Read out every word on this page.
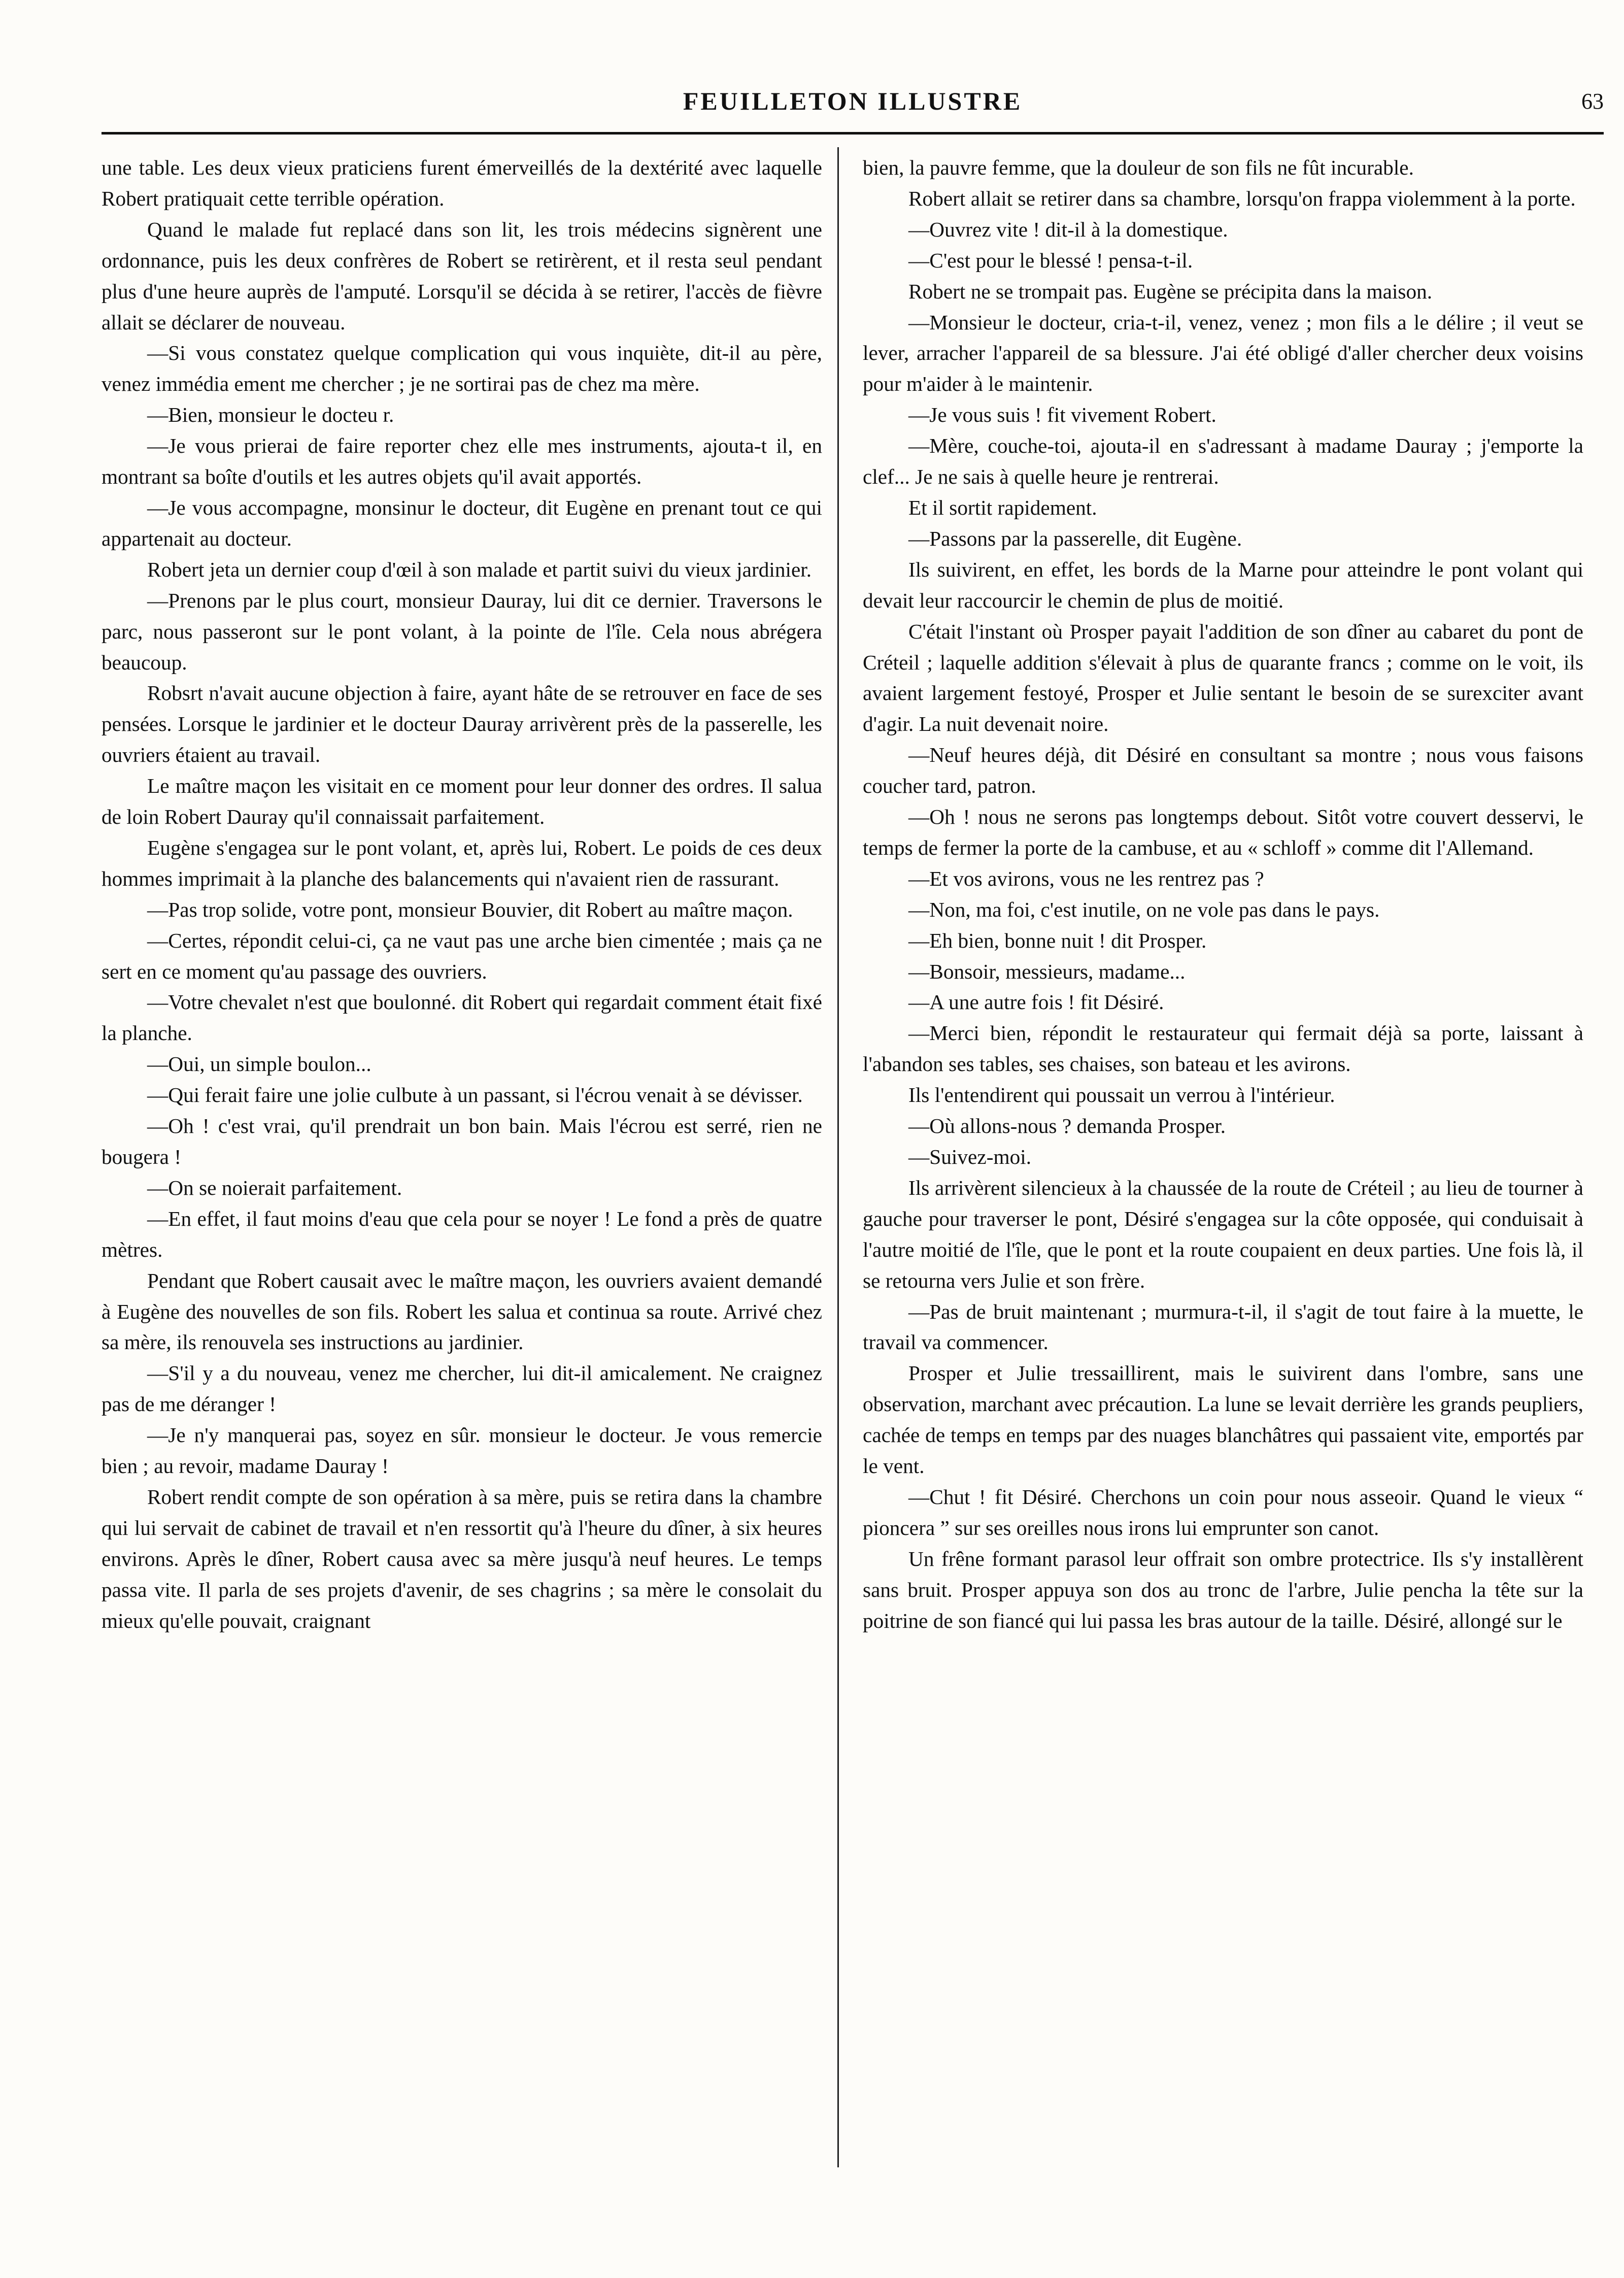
FEUILLETON ILLUSTRE	63

une table. Les deux vieux praticiens furent émerveillés de la dextérité avec laquelle Robert pratiquait cette terrible opération.

Quand le malade fut replacé dans son lit, les trois médecins signèrent une ordonnance, puis les deux confrères de Robert se retirèrent, et il resta seul pendant plus d'une heure auprès de l'amputé. Lorsqu'il se décida à se retirer, l'accès de fièvre allait se déclarer de nouveau.

—Si vous constatez quelque complication qui vous inquiète, dit-il au père, venez immédia ement me chercher ; je ne sortirai pas de chez ma mère.

—Bien, monsieur le docteu r.

—Je vous prierai de faire reporter chez elle mes instruments, ajouta-t il, en montrant sa boîte d'outils et les autres objets qu'il avait apportés.

—Je vous accompagne, monsinur le docteur, dit Eugène en prenant tout ce qui appartenait au docteur.

Robert jeta un dernier coup d'œil à son malade et partit suivi du vieux jardinier.

—Prenons par le plus court, monsieur Dauray, lui dit ce dernier. Traversons le parc, nous passeront sur le pont volant, à la pointe de l'île. Cela nous abrégera beaucoup.

Robsrt n'avait aucune objection à faire, ayant hâte de se retrouver en face de ses pensées. Lorsque le jardinier et le docteur Dauray arrivèrent près de la passerelle, les ouvriers étaient au travail.

Le maître maçon les visitait en ce moment pour leur donner des ordres. Il salua de loin Robert Dauray qu'il connaissait parfaitement.

Eugène s'engagea sur le pont volant, et, après lui, Robert. Le poids de ces deux hommes imprimait à la planche des balancements qui n'avaient rien de rassurant.

—Pas trop solide, votre pont, monsieur Bouvier, dit Robert au maître maçon.

—Certes, répondit celui-ci, ça ne vaut pas une arche bien cimentée ; mais ça ne sert en ce moment qu'au passage des ouvriers.

—Votre chevalet n'est que boulonné. dit Robert qui regardait comment était fixé la planche.

—Oui, un simple boulon...

—Qui ferait faire une jolie culbute à un passant, si l'écrou venait à se dévisser.

—Oh ! c'est vrai, qu'il prendrait un bon bain. Mais l'écrou est serré, rien ne bougera !

—On se noierait parfaitement.

—En effet, il faut moins d'eau que cela pour se noyer ! Le fond a près de quatre mètres.

Pendant que Robert causait avec le maître maçon, les ouvriers avaient demandé à Eugène des nouvelles de son fils. Robert les salua et continua sa route. Arrivé chez sa mère, ils renouvela ses instructions au jardinier.

—S'il y a du nouveau, venez me chercher, lui dit-il amicalement. Ne craignez pas de me déranger !

—Je n'y manquerai pas, soyez en sûr. monsieur le docteur. Je vous remercie bien ; au revoir, madame Dauray !

Robert rendit compte de son opération à sa mère, puis se retira dans la chambre qui lui servait de cabinet de travail et n'en ressortit qu'à l'heure du dîner, à six heures environs. Après le dîner, Robert causa avec sa mère jusqu'à neuf heures. Le temps passa vite. Il parla de ses projets d'avenir, de ses chagrins ; sa mère le consolait du mieux qu'elle pouvait, craignant

bien, la pauvre femme, que la douleur de son fils ne fût incurable.

Robert allait se retirer dans sa chambre, lorsqu'on frappa violemment à la porte.

—Ouvrez vite ! dit-il à la domestique.

—C'est pour le blessé ! pensa-t-il.

Robert ne se trompait pas. Eugène se précipita dans la maison.

—Monsieur le docteur, cria-t-il, venez, venez ; mon fils a le délire ; il veut se lever, arracher l'appareil de sa blessure. J'ai été obligé d'aller chercher deux voisins pour m'aider à le maintenir.

—Je vous suis ! fit vivement Robert.

—Mère, couche-toi, ajouta-il en s'adressant à madame Dauray ; j'emporte la clef... Je ne sais à quelle heure je rentrerai.

Et il sortit rapidement.

—Passons par la passerelle, dit Eugène.

Ils suivirent, en effet, les bords de la Marne pour atteindre le pont volant qui devait leur raccourcir le chemin de plus de moitié.

C'était l'instant où Prosper payait l'addition de son dîner au cabaret du pont de Créteil ; laquelle addition s'élevait à plus de quarante francs ; comme on le voit, ils avaient largement festoyé, Prosper et Julie sentant le besoin de se surexciter avant d'agir. La nuit devenait noire.

—Neuf heures déjà, dit Désiré en consultant sa montre ; nous vous faisons coucher tard, patron.

—Oh ! nous ne serons pas longtemps debout. Sitôt votre couvert desservi, le temps de fermer la porte de la cambuse, et au « schloff » comme dit l'Allemand.

—Et vos avirons, vous ne les rentrez pas ?

—Non, ma foi, c'est inutile, on ne vole pas dans le pays.

—Eh bien, bonne nuit ! dit Prosper.

—Bonsoir, messieurs, madame...

—A une autre fois ! fit Désiré.

—Merci bien, répondit le restaurateur qui fermait déjà sa porte, laissant à l'abandon ses tables, ses chaises, son bateau et les avirons.

Ils l'entendirent qui poussait un verrou à l'intérieur.

—Où allons-nous ? demanda Prosper.

—Suivez-moi.

Ils arrivèrent silencieux à la chaussée de la route de Créteil ; au lieu de tourner à gauche pour traverser le pont, Désiré s'engagea sur la côte opposée, qui conduisait à l'autre moitié de l'île, que le pont et la route coupaient en deux parties. Une fois là, il se retourna vers Julie et son frère.

—Pas de bruit maintenant ; murmura-t-il, il s'agit de tout faire à la muette, le travail va commencer.

Prosper et Julie tressaillirent, mais le suivirent dans l'ombre, sans une observation, marchant avec précaution. La lune se levait derrière les grands peupliers, cachée de temps en temps par des nuages blanchâtres qui passaient vite, emportés par le vent.

—Chut ! fit Désiré. Cherchons un coin pour nous asseoir. Quand le vieux “ pioncera ” sur ses oreilles nous irons lui emprunter son canot.

Un frêne formant parasol leur offrait son ombre protectrice. Ils s'y installèrent sans bruit. Prosper appuya son dos au tronc de l'arbre, Julie pencha la tête sur la poitrine de son fiancé qui lui passa les bras autour de la taille. Désiré, allongé sur le
